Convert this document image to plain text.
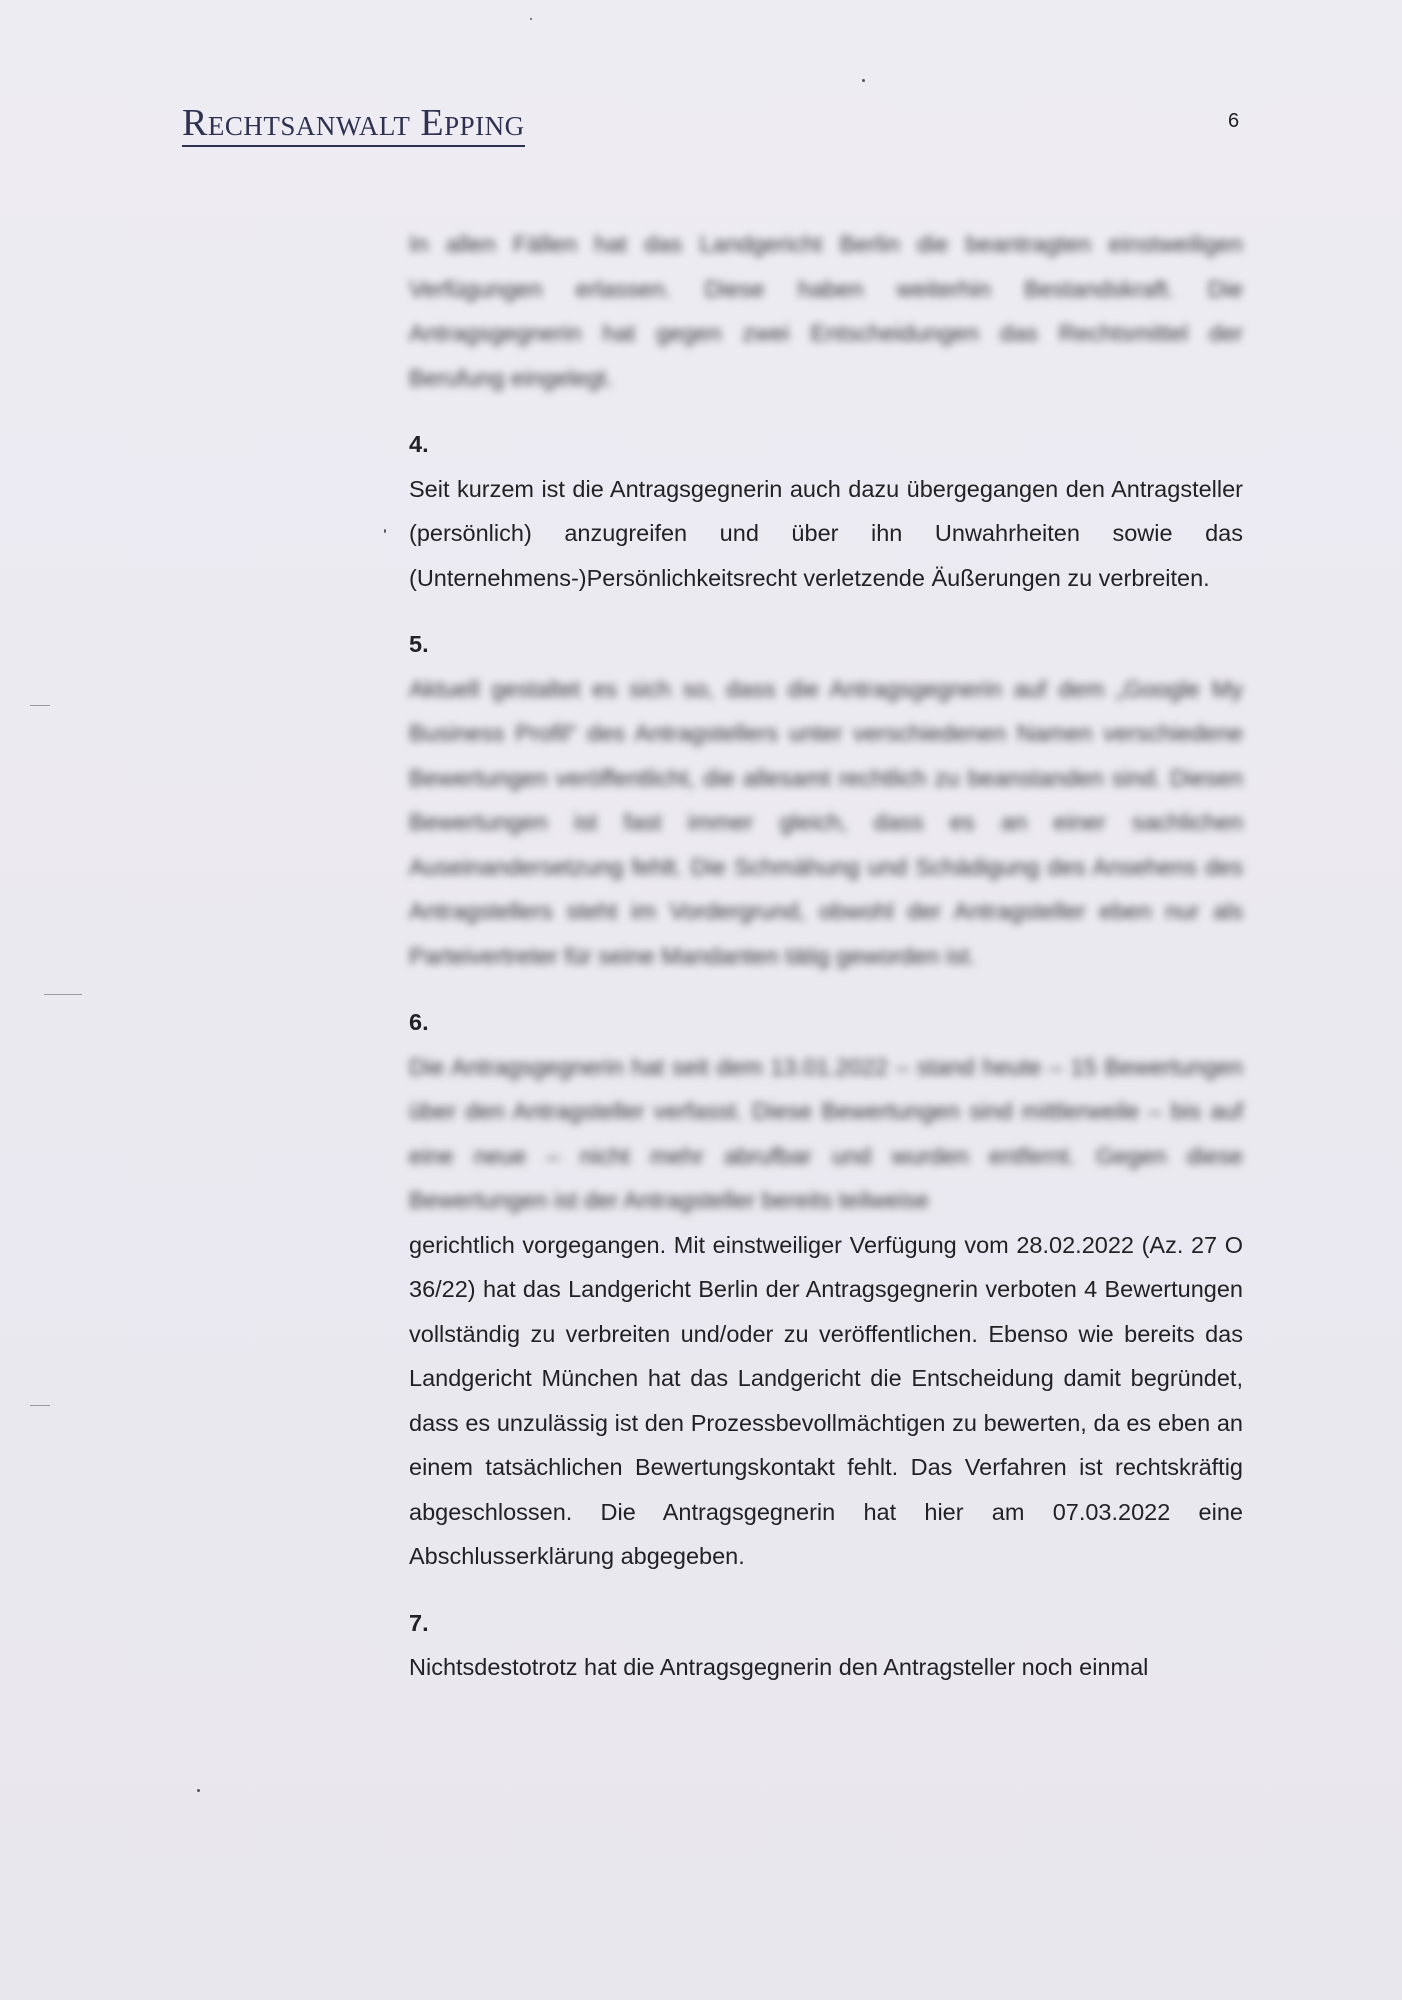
Rechtsanwalt Epping	6

In allen Fällen hat das Landgericht Berlin die beantragten einstweiligen Verfügungen erlassen. Diese haben weiterhin Bestandskraft. Die Antragsgegnerin hat gegen zwei Entscheidungen das Rechtsmittel der Berufung eingelegt.

4.

Seit kurzem ist die Antragsgegnerin auch dazu übergegangen den Antragsteller (persönlich) anzugreifen und über ihn Unwahrheiten sowie das (Unternehmens-)Persönlichkeitsrecht verletzende Äußerungen zu verbreiten.

5.

Aktuell gestaltet es sich so, dass die Antragsgegnerin auf dem „Google My Business Profil“ des Antragstellers unter verschiedenen Namen verschiedene Bewertungen veröffentlicht, die allesamt rechtlich zu beanstanden sind. Diesen Bewertungen ist fast immer gleich, dass es an einer sachlichen Auseinandersetzung fehlt. Die Schmähung und Schädigung des Ansehens des Antragstellers steht im Vordergrund, obwohl der Antragsteller eben nur als Parteivertreter für seine Mandanten tätig geworden ist.

6.

Die Antragsgegnerin hat seit dem 13.01.2022 – stand heute – 15 Bewertungen über den Antragsteller verfasst. Diese Bewertungen sind mittlerweile – bis auf eine neue – nicht mehr abrufbar und wurden entfernt. Gegen diese Bewertungen ist der Antragsteller bereits teilweise

gerichtlich vorgegangen. Mit einstweiliger Verfügung vom 28.02.2022 (Az. 27 O 36/22) hat das Landgericht Berlin der Antragsgegnerin verboten 4 Bewertungen vollständig zu verbreiten und/oder zu veröffentlichen. Ebenso wie bereits das Landgericht München hat das Landgericht die Entscheidung damit begründet, dass es unzulässig ist den Prozessbevollmächtigen zu bewerten, da es eben an einem tatsächlichen Bewertungskontakt fehlt. Das Verfahren ist rechtskräftig abgeschlossen. Die Antragsgegnerin hat hier am 07.03.2022 eine Abschlusserklärung abgegeben.

7.

Nichtsdestotrotz hat die Antragsgegnerin den Antragsteller noch einmal
